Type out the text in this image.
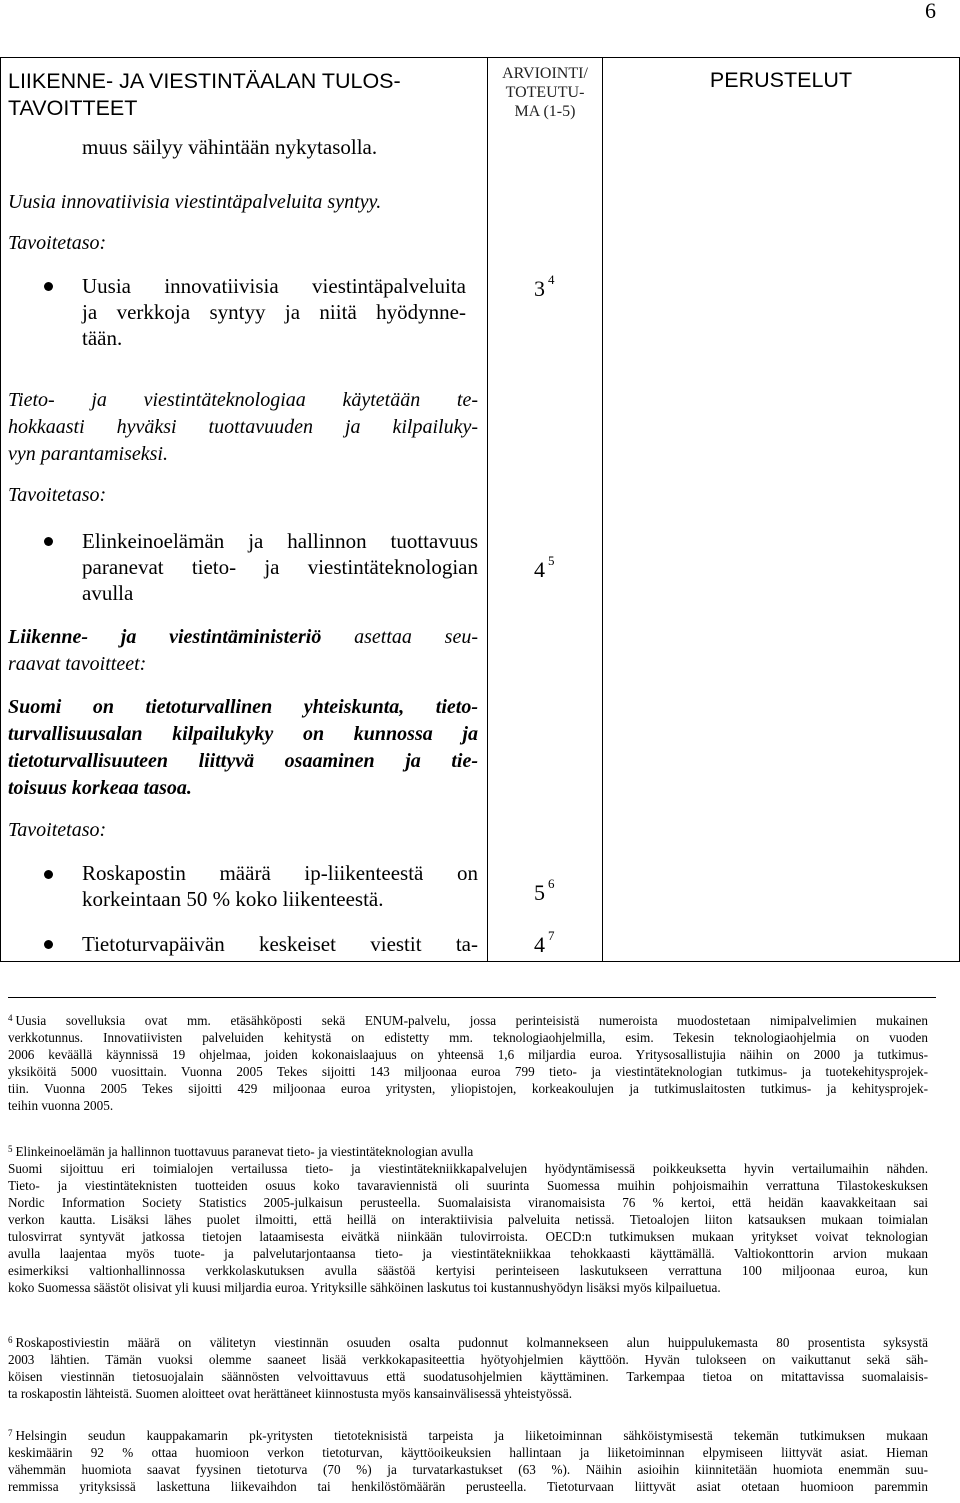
6
LIIKENNE- JA VIESTINTÄALAN TULOS-
TAVOITTEET
ARVIOINTI/
TOTEUTU-
MA (1-5)
PERUSTELUT
muus säilyy vähintään nykytasolla.
Uusia innovatiivisia viestintäpalveluita syntyy.
Tavoitetaso:
Uusia innovatiivisia viestintäpalveluita
ja verkkoja syntyy ja niitä hyödynne-
tään.
3 $^4$
Tieto- ja viestintäteknologiaa käytetään te-
hokkaasti hyväksi tuottavuuden ja kilpailuky-
vyn parantamiseksi.
Tavoitetaso:
Elinkeinoelämän ja hallinnon tuottavuus
paranevat tieto- ja viestintäteknologian
avulla
4 $^5$
Liikenne- ja viestintäministeriö asettaa seu-
raavat tavoitteet:
Suomi on tietoturvallinen yhteiskunta, tieto-
turvallisuusalan kilpailukyky on kunnossa ja
tietoturvallisuuteen liittyvä osaaminen ja tie-
toisuus korkeaa tasoa.
Tavoitetaso:
Roskapostin määrä ip-liikenteestä on
korkeintaan 50 % koko liikenteestä.	5 $^6$
Tietoturvapäivän keskeiset viestit ta-	4 $^7$
$^4$ Uusia sovelluksia ovat mm. etäsähköposti sekä ENUM-palvelu, jossa perinteisistä numeroista muodostetaan nimipalvelimien mukainen
verkkotunnus. Innovatiivisten palveluiden kehitystä on edistetty mm. teknologiaohjelmilla, esim. Tekesin teknologiaohjelmia on vuoden
2006 keväällä käynnissä 19 ohjelmaa, joiden kokonaislaajuus on yhteensä 1,6 miljardia euroa. Yritysosallistujia näihin on 2000 ja tutkimus-
yksiköitä 5000 vuosittain. Vuonna 2005 Tekes sijoitti 143 miljoonaa euroa 799 tieto- ja viestintäteknologian tutkimus- ja tuotekehitysprojek-
tiin. Vuonna 2005 Tekes sijoitti 429 miljoonaa euroa yritysten, yliopistojen, korkeakoulujen ja tutkimuslaitosten tutkimus- ja kehitysprojek-
teihin vuonna 2005.
$^5$ Elinkeinoelämän ja hallinnon tuottavuus paranevat tieto- ja viestintäteknologian avulla
Suomi sijoittuu eri toimialojen vertailussa tieto- ja viestintätekniikkapalvelujen hyödyntämisessä poikkeuksetta hyvin vertailumaihin nähden.
Tieto- ja viestintäteknisten tuotteiden osuus koko tavaraviennistä oli suurinta Suomessa muihin pohjoismaihin verrattuna Tilastokeskuksen
Nordic Information Society Statistics 2005-julkaisun perusteella. Suomalaisista viranomaisista 76 % kertoi, että heidän kaavakkeitaan sai
verkon kautta. Lisäksi lähes puolet ilmoitti, että heillä on interaktiivisia palveluita netissä. Tietoalojen liiton katsauksen mukaan toimialan
tulosvirrat syntyvät jatkossa tietojen lataamisesta eivätkä niinkään tulovirroista. OECD:n tutkimuksen mukaan yritykset voivat teknologian
avulla laajentaa myös tuote- ja palvelutarjontaansa tieto- ja viestintätekniikkaa tehokkaasti käyttämällä. Valtiokonttorin arvion mukaan
esimerkiksi valtionhallinnossa verkkolaskutuksen avulla säästöä kertyisi perinteiseen laskutukseen verrattuna 100 miljoonaa euroa, kun
koko Suomessa säästöt olisivat yli kuusi miljardia euroa. Yrityksille sähköinen laskutus toi kustannushyödyn lisäksi myös kilpailuetua.
$^6$ Roskapostiviestin määrä on välitetyn viestinnän osuuden osalta pudonnut kolmannekseen alun huippulukemasta 80 prosentista syksystä
2003 lähtien. Tämän vuoksi olemme saaneet lisää verkkokapasiteettia hyötyohjelmien käyttöön. Hyvän tulokseen on vaikuttanut sekä säh-
köisen viestinnän tietosuojalain säännösten velvoittavuus että suodatusohjelmien käyttäminen. Tarkempaa tietoa on mitattavissa suomalaisis-
ta roskapostin lähteistä. Suomen aloitteet ovat herättäneet kiinnostusta myös kansainvälisessä yhteistyössä.
$^7$ Helsingin seudun kauppakamarin pk-yritysten tietoteknisistä tarpeista ja liiketoiminnan sähköistymisestä tekemän tutkimuksen mukaan
keskimäärin 92 % ottaa huomioon verkon tietoturvan, käyttöoikeuksien hallintaan ja liiketoiminnan elpymiseen liittyvät asiat. Hieman
vähemmän huomiota saavat fyysinen tietoturva (70 %) ja turvatarkastukset (63 %). Näihin asioihin kiinnitetään huomiota enemmän suu-
remmissa yrityksissä laskettuna liikevaihdon tai henkilöstömäärän perusteella. Tietoturvaan liittyvät asiat otetaan huomioon paremmin
